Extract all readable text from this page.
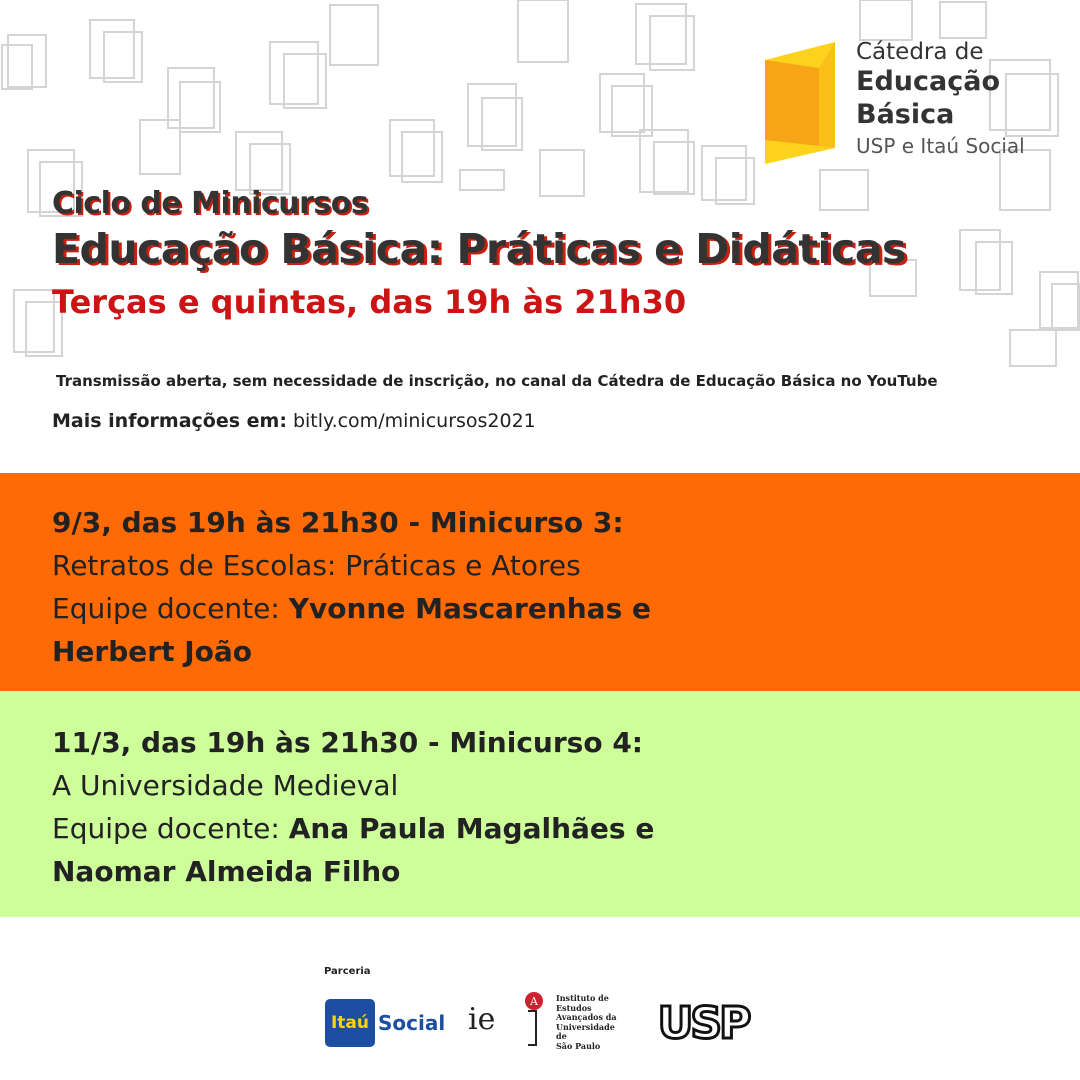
Cátedra de
Educação
Básica
USP e Itaú Social
Ciclo de Minicursos
Educação Básica: Práticas e Didáticas
Terças e quintas, das 19h às 21h30
Transmissão aberta, sem necessidade de inscrição, no canal da Cátedra de Educação Básica no YouTube
Mais informações em: bitly.com/minicursos2021
9/3, das 19h às 21h30 - Minicurso 3:
Retratos de Escolas: Práticas e Atores
Equipe docente: Yvonne Mascarenhas e
Herbert João
11/3, das 19h às 21h30 - Minicurso 4:
A Universidade Medieval
Equipe docente: Ana Paula Magalhães e
Naomar Almeida Filho
Parceria
Itaú Social ie
A	Instituto de
Estudos
Avançados da
Universidade de
São Paulo	USP
